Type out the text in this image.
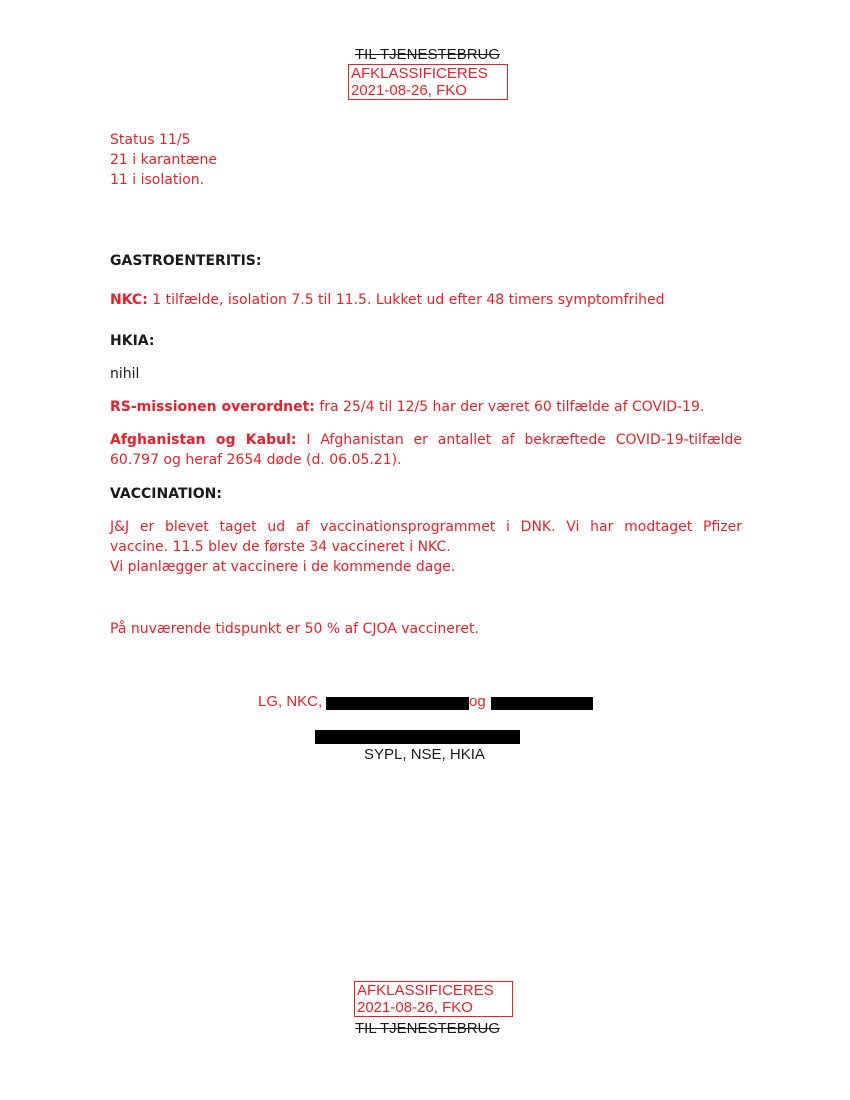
TIL TJENESTEBRUG
AFKLASSIFICERES
2021-08-26, FKO
Status 11/5
21 i karantæne
11 i isolation.
GASTROENTERITIS:
NKC: 1 tilfælde, isolation 7.5 til 11.5. Lukket ud efter 48 timers symptomfrihed
HKIA:
nihil
RS-missionen overordnet: fra 25/4 til 12/5 har der været 60 tilfælde af COVID-19.
Afghanistan og Kabul: I Afghanistan er antallet af bekræftede COVID-19-tilfælde
60.797 og heraf 2654 døde (d. 06.05.21).
VACCINATION:
J&J er blevet taget ud af vaccinationsprogrammet i DNK. Vi har modtaget Pfizer
vaccine. 11.5 blev de første 34 vaccineret i NKC.
Vi planlægger at vaccinere i de kommende dage.
På nuværende tidspunkt er 50 % af CJOA vaccineret.
LG, NKC,	og
SYPL, NSE, HKIA
AFKLASSIFICERES
2021-08-26, FKO
TIL TJENESTEBRUG
